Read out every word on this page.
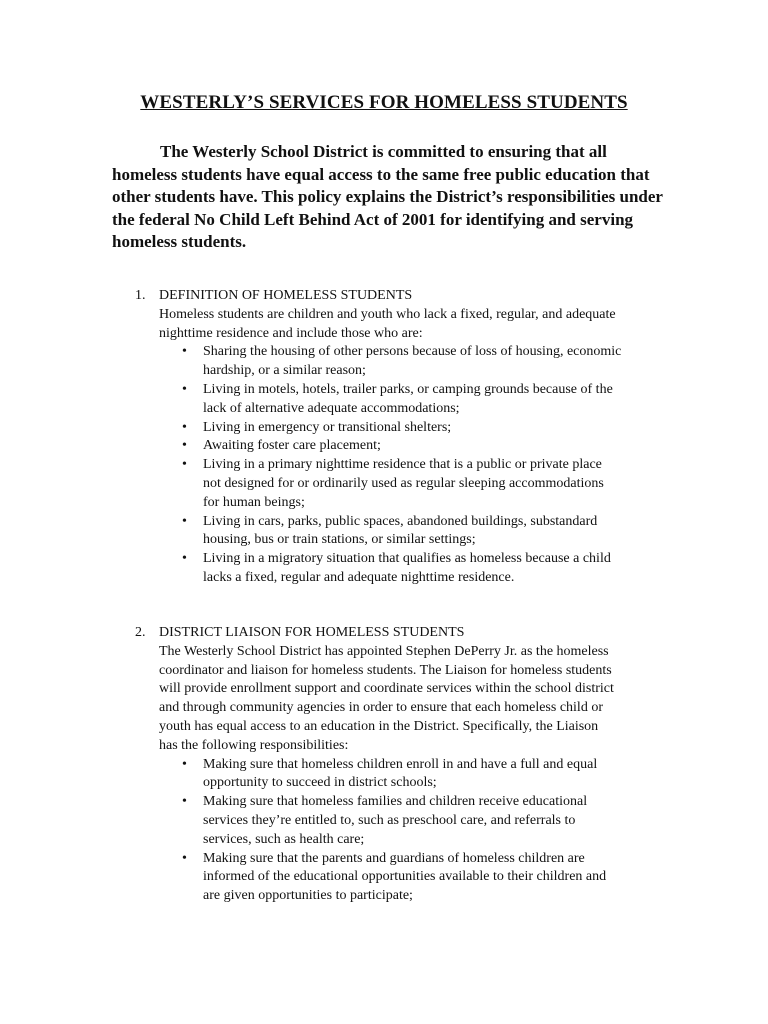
WESTERLY’S SERVICES FOR HOMELESS STUDENTS
The Westerly School District is committed to ensuring that all
homeless students have equal access to the same free public education that
other students have. This policy explains the District’s responsibilities under
the federal No Child Left Behind Act of 2001 for identifying and serving
homeless students.
1. DEFINITION OF HOMELESS STUDENTS
Homeless students are children and youth who lack a fixed, regular, and adequate
nighttime residence and include those who are:
• Sharing the housing of other persons because of loss of housing, economic
hardship, or a similar reason;
• Living in motels, hotels, trailer parks, or camping grounds because of the
lack of alternative adequate accommodations;
• Living in emergency or transitional shelters;
• Awaiting foster care placement;
• Living in a primary nighttime residence that is a public or private place
not designed for or ordinarily used as regular sleeping accommodations
for human beings;
• Living in cars, parks, public spaces, abandoned buildings, substandard
housing, bus or train stations, or similar settings;
• Living in a migratory situation that qualifies as homeless because a child
lacks a fixed, regular and adequate nighttime residence.
2. DISTRICT LIAISON FOR HOMELESS STUDENTS
The Westerly School District has appointed Stephen DePerry Jr. as the homeless
coordinator and liaison for homeless students. The Liaison for homeless students
will provide enrollment support and coordinate services within the school district
and through community agencies in order to ensure that each homeless child or
youth has equal access to an education in the District. Specifically, the Liaison
has the following responsibilities:
• Making sure that homeless children enroll in and have a full and equal
opportunity to succeed in district schools;
• Making sure that homeless families and children receive educational
services they’re entitled to, such as preschool care, and referrals to
services, such as health care;
• Making sure that the parents and guardians of homeless children are
informed of the educational opportunities available to their children and
are given opportunities to participate;
